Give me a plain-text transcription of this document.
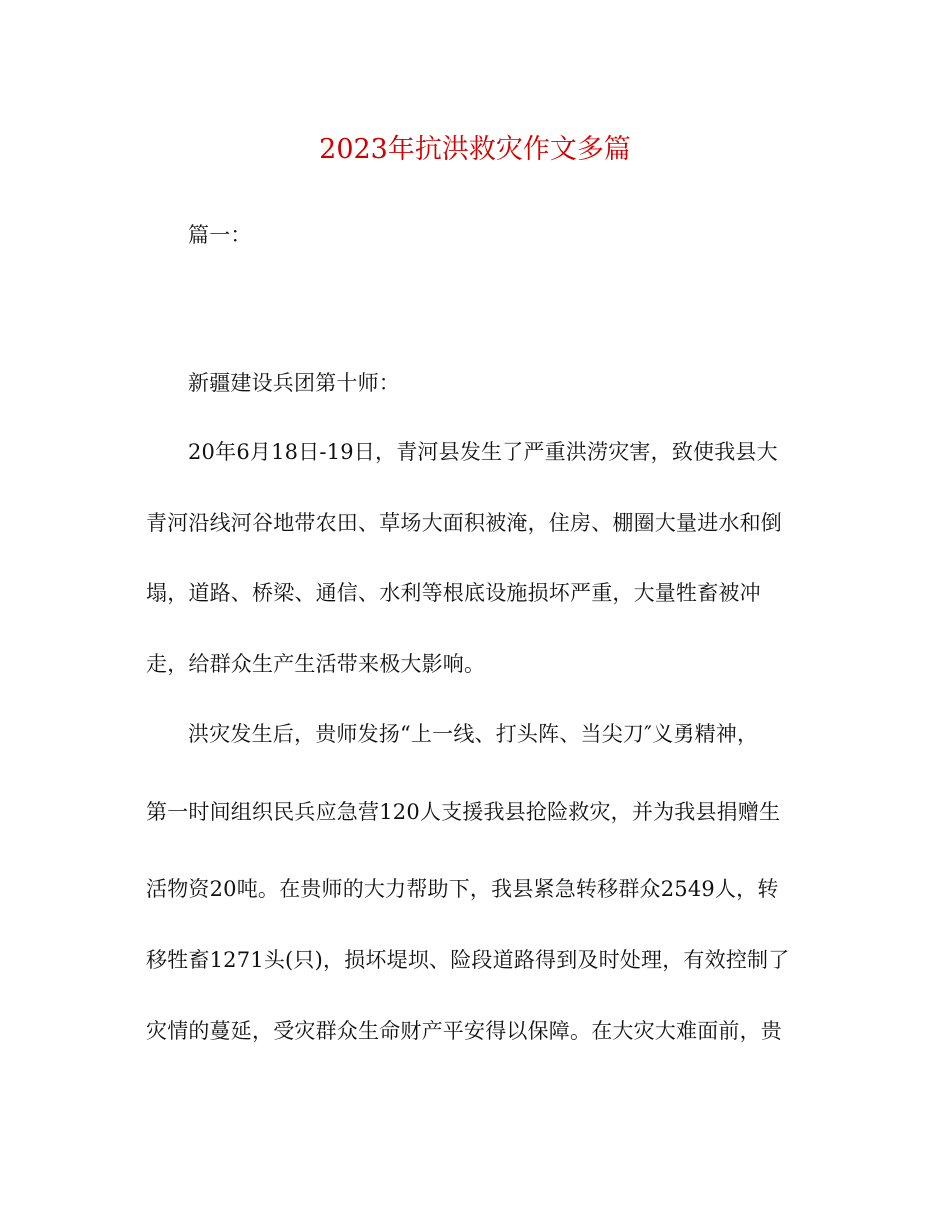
2023年抗洪救灾作文多篇

篇一：

新疆建设兵团第十师：

20年6月18日-19日，青河县发生了严重洪涝灾害，致使我县大

青河沿线河谷地带农田、草场大面积被淹，住房、棚圈大量进水和倒

塌，道路、桥梁、通信、水利等根底设施损坏严重，大量牲畜被冲

走，给群众生产生活带来极大影响。

洪灾发生后，贵师发扬“上一线、打头阵、当尖刀″义勇精神，

第一时间组织民兵应急营120人支援我县抢险救灾，并为我县捐赠生

活物资20吨。在贵师的大力帮助下，我县紧急转移群众2549人，转

移牲畜1271头(只)，损坏堤坝、险段道路得到及时处理，有效控制了

灾情的蔓延，受灾群众生命财产平安得以保障。在大灾大难面前，贵
